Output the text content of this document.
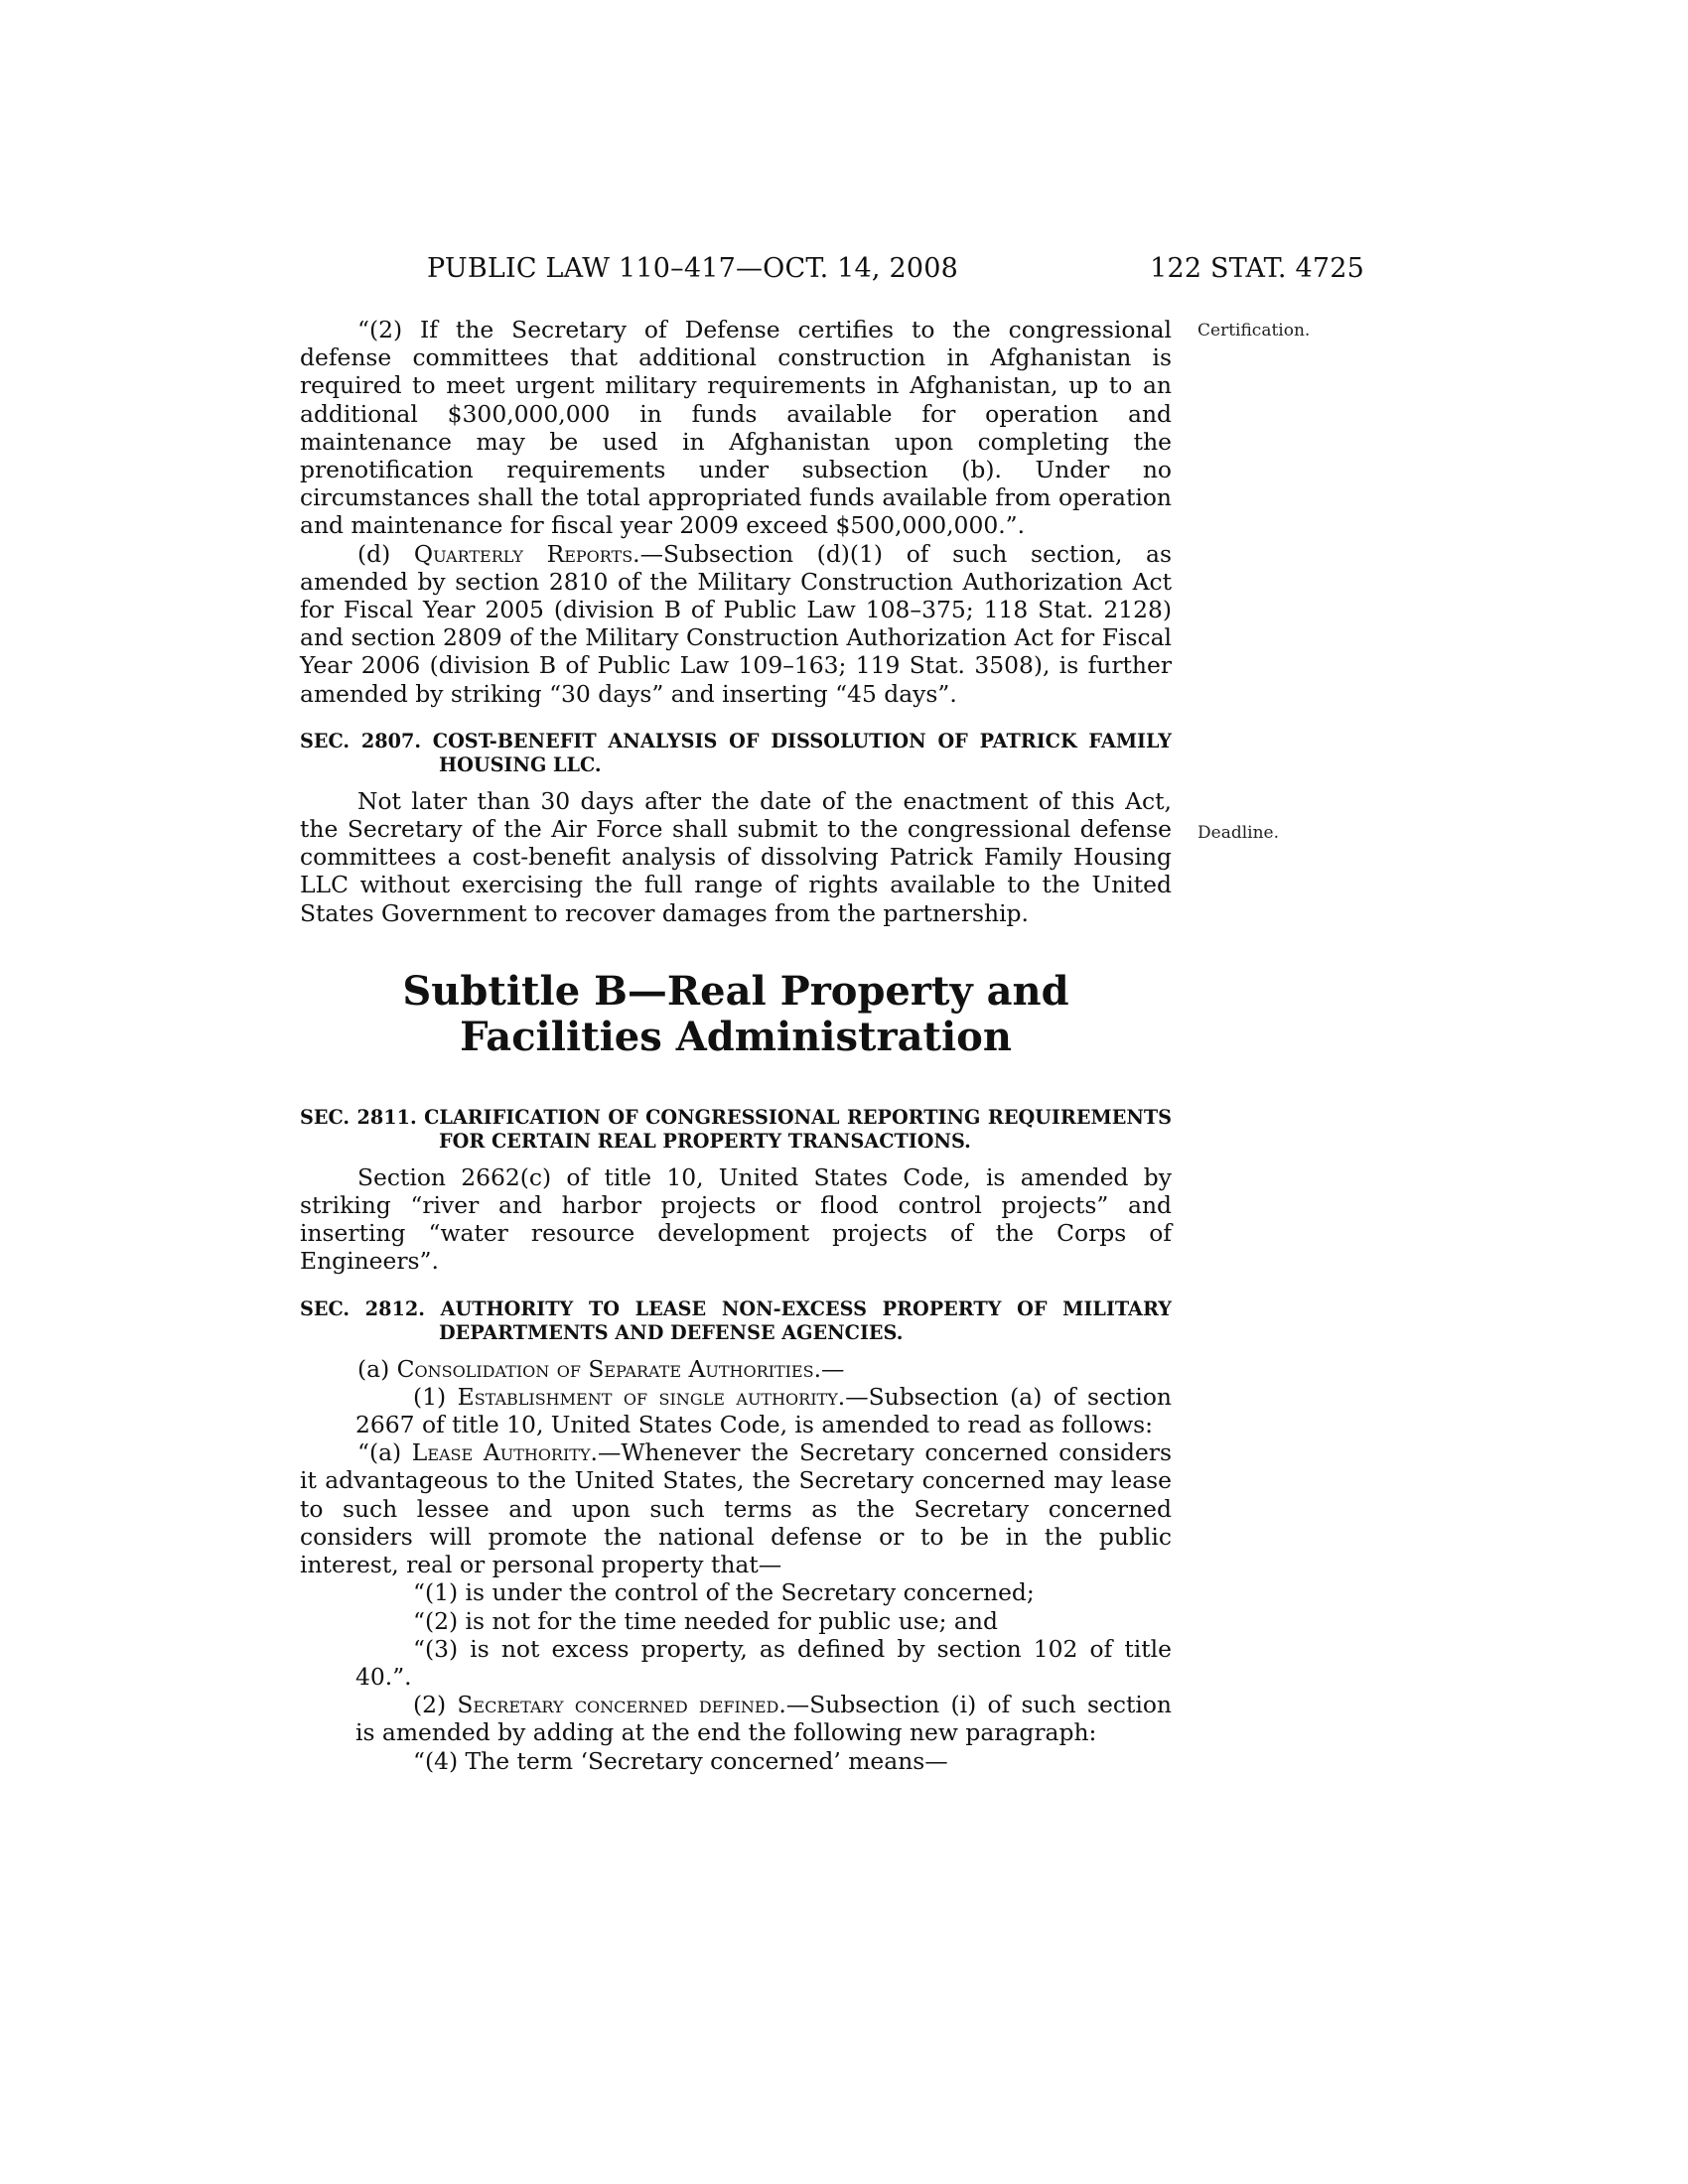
PUBLIC LAW 110–417—OCT. 14, 2008	122 STAT. 4725
Certification.
Deadline.

“(2) If the Secretary of Defense certifies to the congressional defense committees that additional construction in Afghanistan is required to meet urgent military requirements in Afghanistan, up to an additional $300,000,000 in funds available for operation and maintenance may be used in Afghanistan upon completing the prenotification requirements under subsection (b). Under no circumstances shall the total appropriated funds available from operation and maintenance for fiscal year 2009 exceed $500,000,000.”.

(d) Quarterly Reports.—Subsection (d)(1) of such section, as amended by section 2810 of the Military Construction Authorization Act for Fiscal Year 2005 (division B of Public Law 108–375; 118 Stat. 2128) and section 2809 of the Military Construction Authorization Act for Fiscal Year 2006 (division B of Public Law 109–163; 119 Stat. 3508), is further amended by striking “30 days” and inserting “45 days”.

SEC. 2807. COST-BENEFIT ANALYSIS OF DISSOLUTION OF PATRICK FAMILY HOUSING LLC.

Not later than 30 days after the date of the enactment of this Act, the Secretary of the Air Force shall submit to the congressional defense committees a cost-benefit analysis of dissolving Patrick Family Housing LLC without exercising the full range of rights available to the United States Government to recover damages from the partnership.

Subtitle B—Real Property and Facilities Administration

SEC. 2811. CLARIFICATION OF CONGRESSIONAL REPORTING REQUIREMENTS FOR CERTAIN REAL PROPERTY TRANSACTIONS.

Section 2662(c) of title 10, United States Code, is amended by striking “river and harbor projects or flood control projects” and inserting “water resource development projects of the Corps of Engineers”.

SEC. 2812. AUTHORITY TO LEASE NON-EXCESS PROPERTY OF MILITARY DEPARTMENTS AND DEFENSE AGENCIES.

(a) Consolidation of Separate Authorities.—

(1) Establishment of single authority.—Subsection (a) of section 2667 of title 10, United States Code, is amended to read as follows:

“(a) Lease Authority.—Whenever the Secretary concerned considers it advantageous to the United States, the Secretary concerned may lease to such lessee and upon such terms as the Secretary concerned considers will promote the national defense or to be in the public interest, real or personal property that—

“(1) is under the control of the Secretary concerned;

“(2) is not for the time needed for public use; and

“(3) is not excess property, as defined by section 102 of title 40.”.

(2) Secretary concerned defined.—Subsection (i) of such section is amended by adding at the end the following new paragraph:

“(4) The term ‘Secretary concerned’ means—
